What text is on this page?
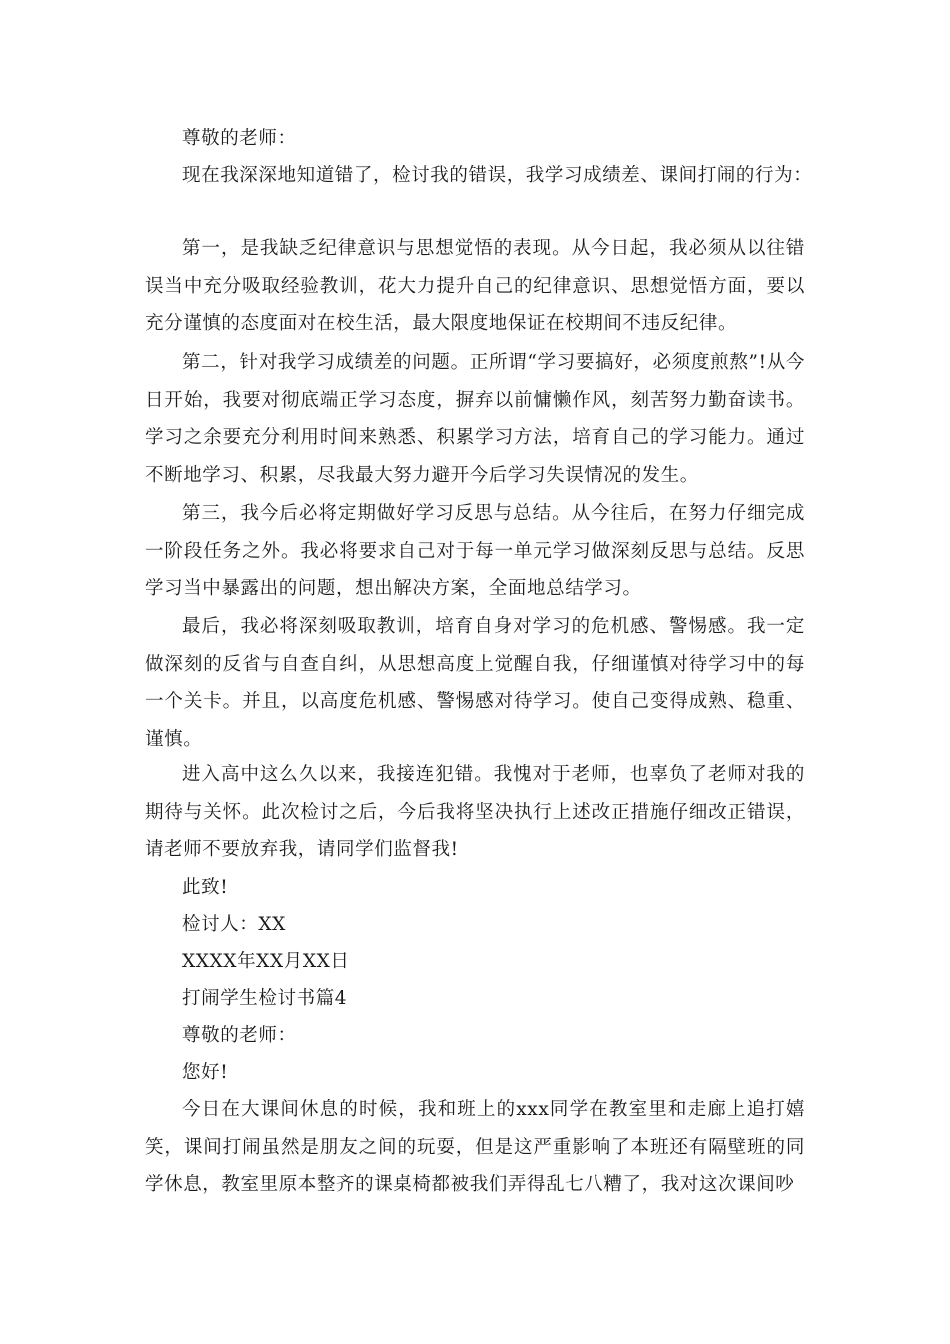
尊敬的老师：

现在我深深地知道错了，检讨我的错误，我学习成绩差、课间打闹的行为：

第一，是我缺乏纪律意识与思想觉悟的表现。从今日起，我必须从以往错误当中充分吸取经验教训，花大力提升自己的纪律意识、思想觉悟方面，要以充分谨慎的态度面对在校生活，最大限度地保证在校期间不违反纪律。

第二，针对我学习成绩差的问题。正所谓“学习要搞好，必须度煎熬”!从今日开始，我要对彻底端正学习态度，摒弃以前慵懒作风，刻苦努力勤奋读书。学习之余要充分利用时间来熟悉、积累学习方法，培育自己的学习能力。通过不断地学习、积累，尽我最大努力避开今后学习失误情况的发生。

第三，我今后必将定期做好学习反思与总结。从今往后，在努力仔细完成一阶段任务之外。我必将要求自己对于每一单元学习做深刻反思与总结。反思学习当中暴露出的问题，想出解决方案，全面地总结学习。

最后，我必将深刻吸取教训，培育自身对学习的危机感、警惕感。我一定做深刻的反省与自查自纠，从思想高度上觉醒自我，仔细谨慎对待学习中的每一个关卡。并且，以高度危机感、警惕感对待学习。使自己变得成熟、稳重、谨慎。

进入高中这么久以来，我接连犯错。我愧对于老师，也辜负了老师对我的期待与关怀。此次检讨之后，今后我将坚决执行上述改正措施仔细改正错误，请老师不要放弃我，请同学们监督我!

此致!

检讨人：XX

XXXX年XX月XX日

打闹学生检讨书篇4

尊敬的老师：

您好!

今日在大课间休息的时候，我和班上的xxx同学在教室里和走廊上追打嬉笑，课间打闹虽然是朋友之间的玩耍，但是这严重影响了本班还有隔壁班的同学休息，教室里原本整齐的课桌椅都被我们弄得乱七八糟了，我对这次课间吵
